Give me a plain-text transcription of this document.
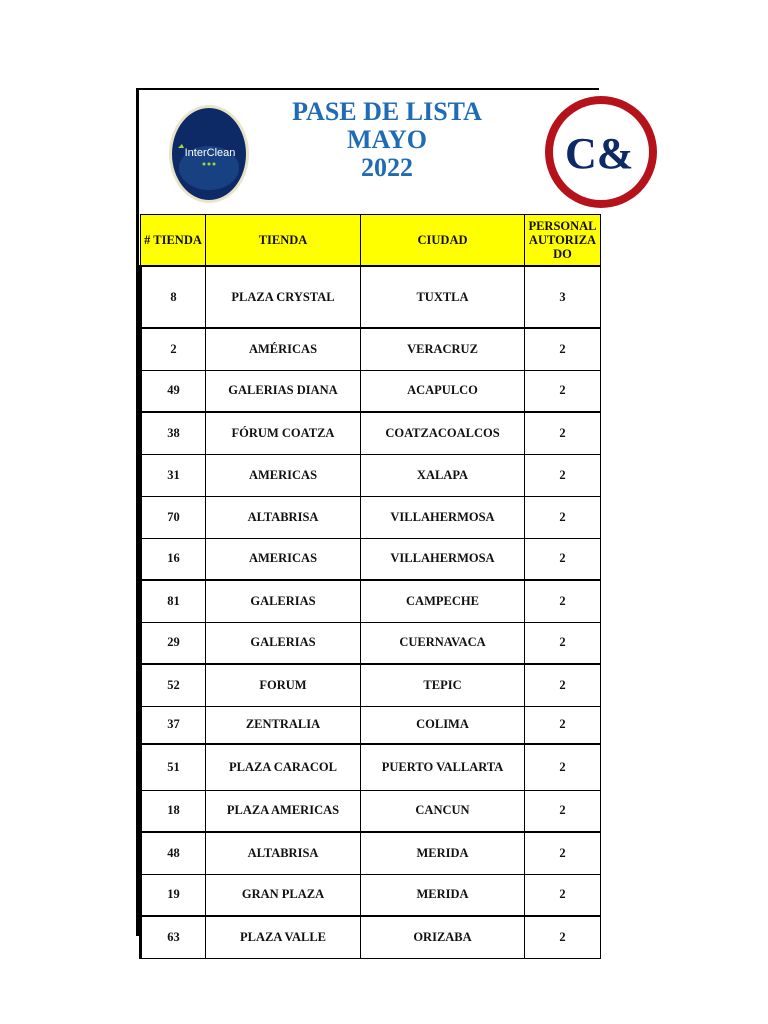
InterClean
PASE DE LISTA
MAYO
2022	C&
# TIENDA	TIENDA	CIUDAD	PERSONAL AUTORIZADO
8	PLAZA CRYSTAL	TUXTLA	3
2	AMÉRICAS	VERACRUZ	2
49	GALERIAS DIANA	ACAPULCO	2
38	FÓRUM COATZA	COATZACOALCOS	2
31	AMERICAS	XALAPA	2
70	ALTABRISA	VILLAHERMOSA	2
16	AMERICAS	VILLAHERMOSA	2
81	GALERIAS	CAMPECHE	2
29	GALERIAS	CUERNAVACA	2
52	FORUM	TEPIC	2
37	ZENTRALIA	COLIMA	2
51	PLAZA CARACOL	PUERTO VALLARTA	2
18	PLAZA AMERICAS	CANCUN	2
48	ALTABRISA	MERIDA	2
19	GRAN PLAZA	MERIDA	2
63	PLAZA VALLE	ORIZABA	2
